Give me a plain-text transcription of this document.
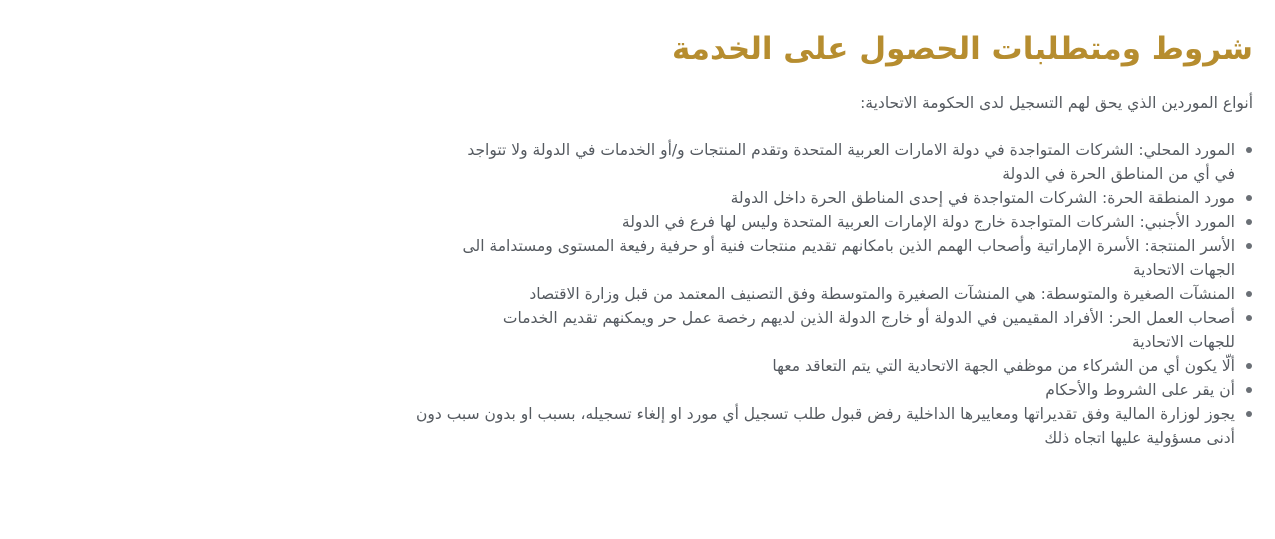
شروط ومتطلبات الحصول على الخدمة

أنواع الموردين الذي يحق لهم التسجيل لدى الحكومة الاتحادية:

المورد المحلي: الشركات المتواجدة في دولة الامارات العربية المتحدة وتقدم المنتجات و/أو الخدمات في الدولة ولا تتواجد في أي من المناطق الحرة في الدولة
مورد المنطقة الحرة: الشركات المتواجدة في إحدى المناطق الحرة داخل الدولة
المورد الأجنبي: الشركات المتواجدة خارج دولة الإمارات العربية المتحدة وليس لها فرع في الدولة
الأسر المنتجة: الأسرة الإماراتية وأصحاب الهمم الذين بامكانهم تقديم منتجات فنية أو حرفية رفيعة المستوى ومستدامة الى الجهات الاتحادية
المنشآت الصغيرة والمتوسطة: هي المنشآت الصغيرة والمتوسطة وفق التصنيف المعتمد من قبل وزارة الاقتصاد
أصحاب العمل الحر: الأفراد المقيمين في الدولة أو خارج الدولة الذين لديهم رخصة عمل حر ويمكنهم تقديم الخدمات للجهات الاتحادية
ألّا يكون أي من الشركاء من موظفي الجهة الاتحادية التي يتم التعاقد معها
أن يقر على الشروط والأحكام
يجوز لوزارة المالية وفق تقديراتها ومعاييرها الداخلية رفض قبول طلب تسجيل أي مورد او إلغاء تسجيله، بسبب او بدون سبب دون أدنى مسؤولية عليها اتجاه ذلك
